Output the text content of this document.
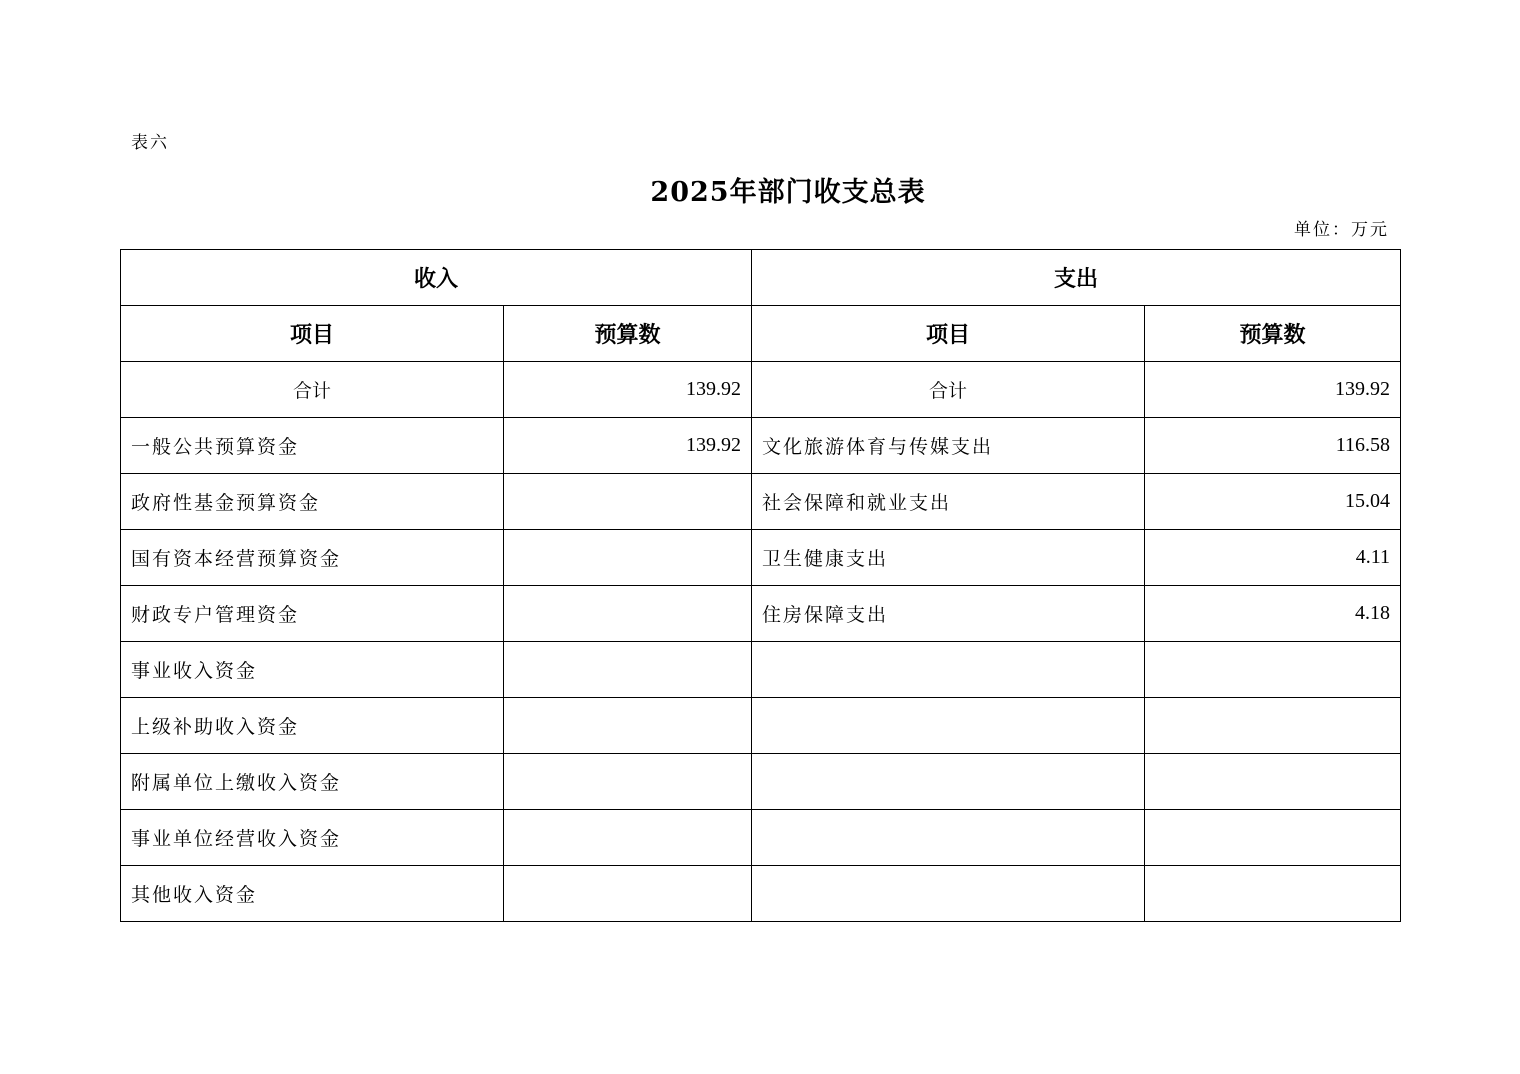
表六
2025年部门收支总表
单位：万元
收入		支出	
项目	预算数	项目	预算数
合计	139.92	合计	139.92
一般公共预算资金	139.92	文化旅游体育与传媒支出	116.58
政府性基金预算资金		社会保障和就业支出	15.04
国有资本经营预算资金		卫生健康支出	4.11
财政专户管理资金		住房保障支出	4.18
事业收入资金			
上级补助收入资金			
附属单位上缴收入资金			
事业单位经营收入资金			
其他收入资金			
